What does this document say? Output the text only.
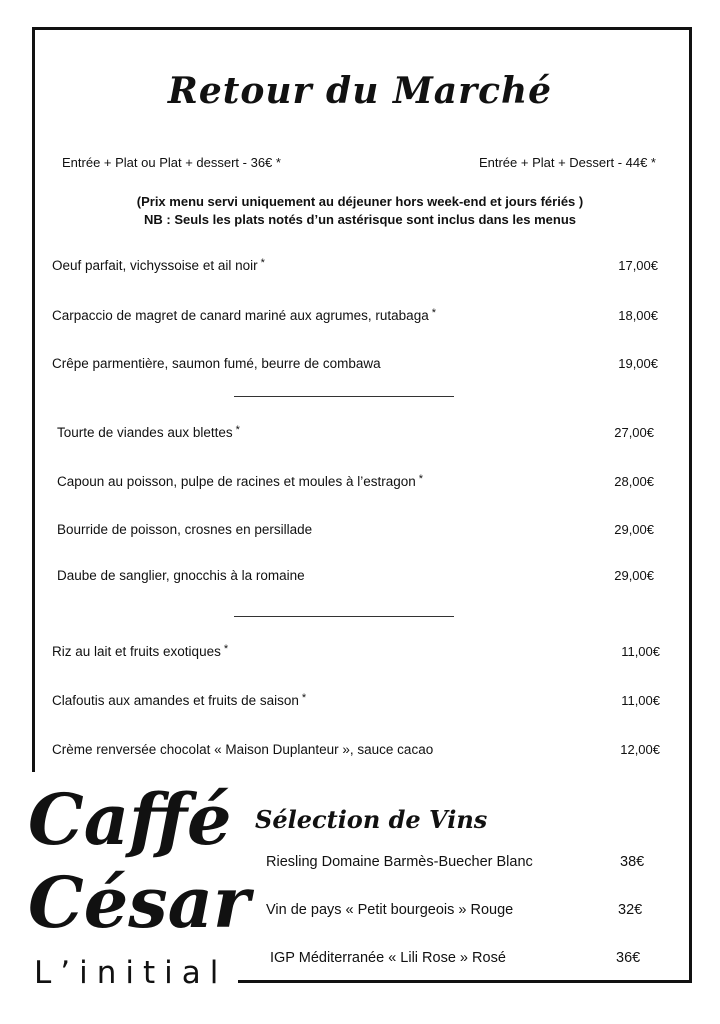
Retour du Marché
Entrée + Plat ou Plat + dessert - 36€ *	Entrée + Plat + Dessert - 44€ *
(Prix menu servi uniquement au déjeuner hors week-end et jours fériés )
NB : Seuls les plats notés d’un astérisque sont inclus dans les menus
Oeuf parfait, vichyssoise et ail noir *	17,00€
Carpaccio de magret de canard mariné aux agrumes, rutabaga *	18,00€
Crêpe parmentière, saumon fumé, beurre de combawa	19,00€
Tourte de viandes aux blettes *	27,00€
Capoun au poisson, pulpe de racines et moules à l’estragon *	28,00€
Bourride de poisson, crosnes en persillade	29,00€
Daube de sanglier, gnocchis à la romaine	29,00€
Riz au lait et fruits exotiques *	11,00€
Clafoutis aux amandes et fruits de saison *	11,00€
Crème renversée chocolat « Maison Duplanteur », sauce cacao	12,00€
Caffé
César
L’initial
Sélection de Vins
Riesling Domaine Barmès-Buecher Blanc	38€
Vin de pays « Petit bourgeois » Rouge	32€
IGP Méditerranée « Lili Rose » Rosé	36€
